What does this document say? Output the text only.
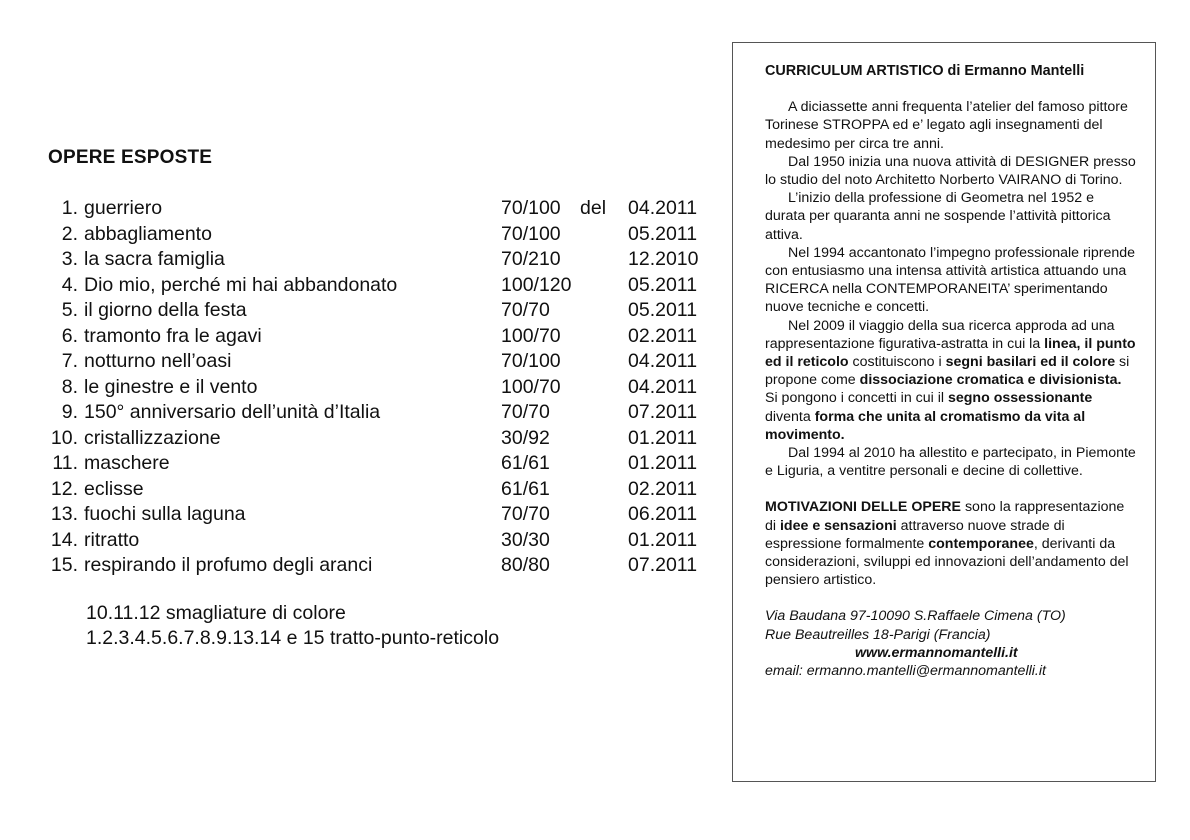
OPERE ESPOSTE
1. guerriero	70/100 del 04.2011
2. abbagliamento	70/100	05.2011
3. la sacra famiglia	70/210	12.2010
4. Dio mio, perché mi hai abbandonato	100/120	05.2011
5. il giorno della festa	70/70	05.2011
6. tramonto fra le agavi	100/70	02.2011
7. notturno nell’oasi	70/100	04.2011
8. le ginestre e il vento	100/70	04.2011
9. 150° anniversario dell’unità d’Italia	70/70	07.2011
10. cristallizzazione	30/92	01.2011
11. maschere	61/61	01.2011
12. eclisse	61/61	02.2011
13. fuochi sulla laguna	70/70	06.2011
14. ritratto	30/30	01.2011
15. respirando il profumo degli aranci	80/80	07.2011
10.11.12 smagliature di colore
1.2.3.4.5.6.7.8.9.13.14 e 15 tratto-punto-reticolo

CURRICULUM ARTISTICO di Ermanno Mantelli

A diciassette anni frequenta l’atelier del famoso pittore Torinese STROPPA ed e’ legato agli insegnamenti del medesimo per circa tre anni.

Dal 1950 inizia una nuova attività di DESIGNER presso lo studio del noto Architetto Norberto VAIRANO di Torino.

L’inizio della professione di Geometra nel 1952 e durata per quaranta anni ne sospende l’attività pittorica attiva.

Nel 1994 accantonato l’impegno professionale riprende con entusiasmo una intensa attività artistica attuando una RICERCA nella CONTEMPORANEITA’ sperimentando nuove tecniche e concetti.

Nel 2009 il viaggio della sua ricerca approda ad una rappresentazione figurativa-astratta in cui la linea, il punto ed il reticolo costituiscono i segni basilari ed il colore si propone come dissociazione cromatica e divisionista. Si pongono i concetti in cui il segno ossessionante diventa forma che unita al cromatismo da vita al movimento.

Dal 1994 al 2010 ha allestito e partecipato, in Piemonte e Liguria, a ventitre personali e decine di collettive.

MOTIVAZIONI DELLE OPERE sono la rappresentazione di idee e sensazioni attraverso nuove strade di espressione formalmente contemporanee, derivanti da considerazioni, sviluppi ed innovazioni dell’andamento del pensiero artistico.

Via Baudana 97-10090 S.Raffaele Cimena (TO)

Rue Beautreilles 18-Parigi (Francia)

www.ermannomantelli.it

email: ermanno.mantelli@ermannomantelli.it
